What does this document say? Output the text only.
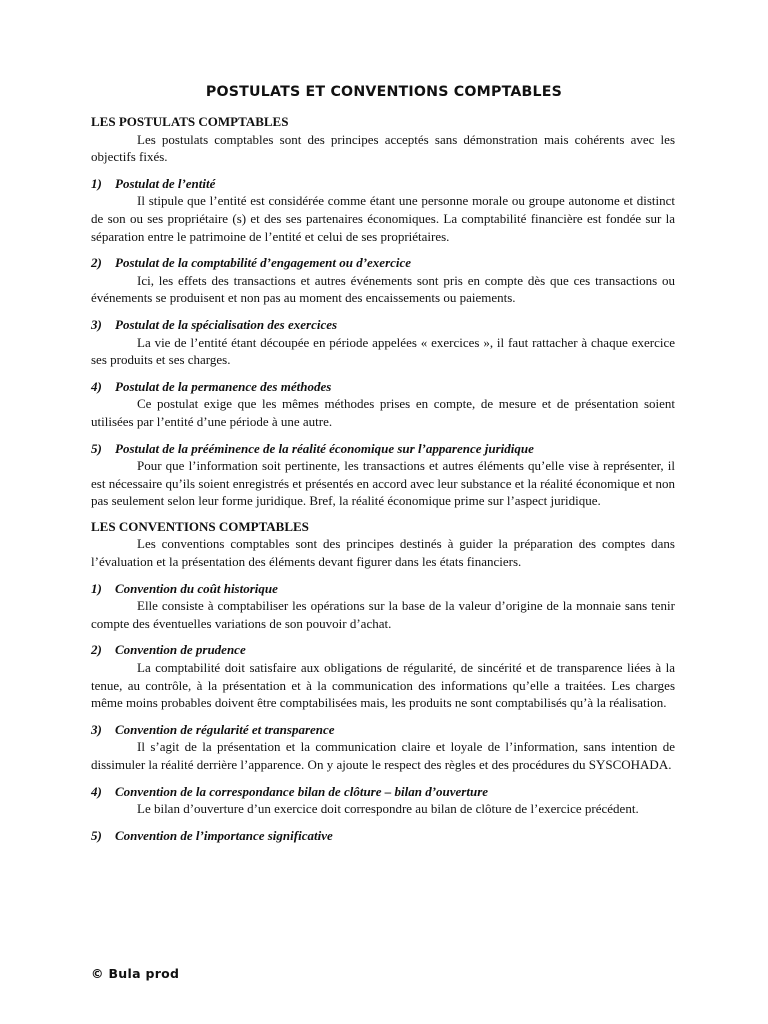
POSTULATS ET CONVENTIONS COMPTABLES
LES POSTULATS COMPTABLES

Les postulats comptables sont des principes acceptés sans démonstration mais cohérents avec les objectifs fixés.

1)	Postulat de l’entité

Il stipule que l’entité est considérée comme étant une personne morale ou groupe autonome et distinct de son ou ses propriétaire (s) et des ses partenaires économiques. La comptabilité financière est fondée sur la séparation entre le patrimoine de l’entité et celui de ses propriétaires.

2)	Postulat de la comptabilité d’engagement ou d’exercice

Ici, les effets des transactions et autres événements sont pris en compte dès que ces transactions ou événements se produisent et non pas au moment des encaissements ou paiements.

3)	Postulat de la spécialisation des exercices

La vie de l’entité étant découpée en période appelées « exercices », il faut rattacher à chaque exercice ses produits et ses charges.

4)	Postulat de la permanence des méthodes

Ce postulat exige que les mêmes méthodes prises en compte, de mesure et de présentation soient utilisées par l’entité d’une période à une autre.

5)	Postulat de la prééminence de la réalité économique sur l’apparence juridique

Pour que l’information soit pertinente, les transactions et autres éléments qu’elle vise à représenter, il est nécessaire qu’ils soient enregistrés et présentés en accord avec leur substance et la réalité économique et non pas seulement selon leur forme juridique. Bref, la réalité économique prime sur l’aspect juridique.

LES CONVENTIONS COMPTABLES

Les conventions comptables sont des principes destinés à guider la préparation des comptes dans l’évaluation et la présentation des éléments devant figurer dans les états financiers.

1)	Convention du coût historique

Elle consiste à comptabiliser les opérations sur la base de la valeur d’origine de la monnaie sans tenir compte des éventuelles variations de son pouvoir d’achat.

2)	Convention de prudence

La comptabilité doit satisfaire aux obligations de régularité, de sincérité et de transparence liées à la tenue, au contrôle, à la présentation et à la communication des informations qu’elle a traitées. Les charges même moins probables doivent être comptabilisées mais, les produits ne sont comptabilisés qu’à la réalisation.

3)	Convention de régularité et transparence

Il s’agit de la présentation et la communication claire et loyale de l’information, sans intention de dissimuler la réalité derrière l’apparence. On y ajoute le respect des règles et des procédures du SYSCOHADA.

4)	Convention de la correspondance bilan de clôture – bilan d’ouverture

Le bilan d’ouverture d’un exercice doit correspondre au bilan de clôture de l’exercice précédent.

5)	Convention de l’importance significative
© Bula prod
